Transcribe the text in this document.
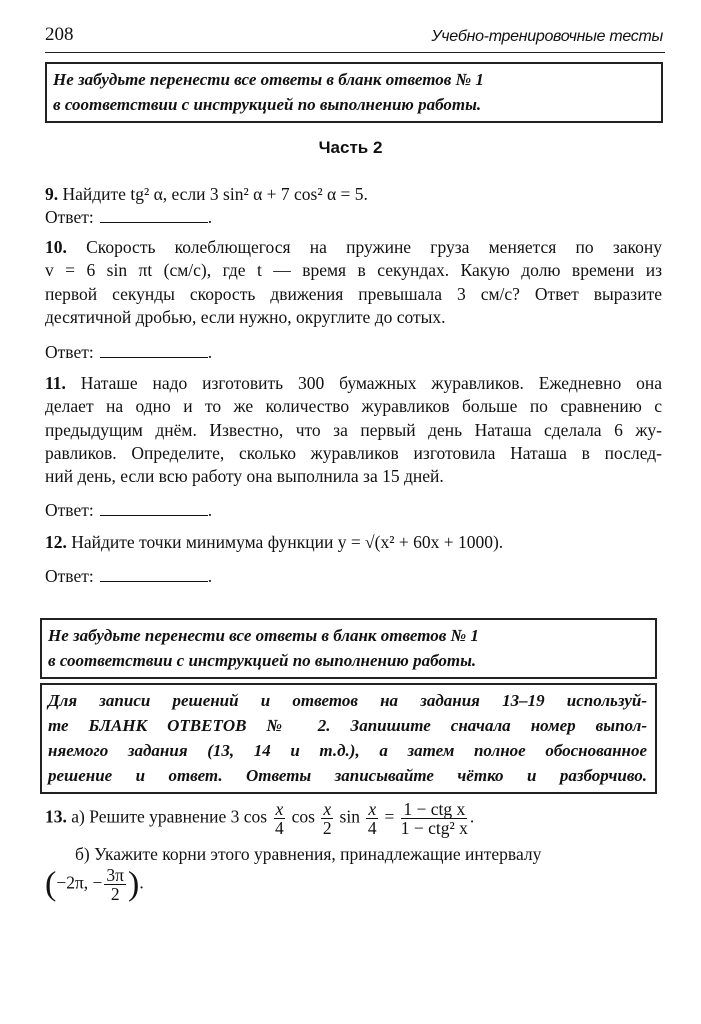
208	Учебно-тренировочные тесты
Не забудьте перенести все ответы в бланк ответов № 1
в соответствии с инструкцией по выполнению работы.
Часть 2
9. Найдите tg² α, если 3 sin² α + 7 cos² α = 5.
Ответ:	.
10. Скорость колеблющегося на пружине груза меняется по закону
v = 6 sin πt (см/с), где t — время в секундах. Какую долю времени из
первой секунды скорость движения превышала 3 см/с? Ответ выразите
десятичной дробью, если нужно, округлите до сотых.
Ответ:	.
11. Наташе надо изготовить 300 бумажных журавликов. Ежедневно она
делает на одно и то же количество журавликов больше по сравнению с
предыдущим днём. Известно, что за первый день Наташа сделала 6 жу-
равликов. Определите, сколько журавликов изготовила Наташа в послед-
ний день, если всю работу она выполнила за 15 дней.
Ответ:	.
12. Найдите точки минимума функции y = √(x² + 60x + 1000).
Ответ:	.
Не забудьте перенести все ответы в бланк ответов № 1
в соответствии с инструкцией по выполнению работы.
Для записи решений и ответов на задания 13–19 используй-
те БЛАНК ОТВЕТОВ № 2. Запишите сначала номер выпол-
няемого задания (13, 14 и т.д.), а затем полное обоснованное
решение и ответ. Ответы записывайте чётко и разборчиво.
13. а) Решите уравнение 3 $\cos \frac{x}{4}$ $\cos \frac{x}{2}$ $\sin \frac{x}{4} = \frac{\text{1 − ctg x}}{\text{1 − ctg² x}}$ .
б) Укажите корни этого уравнения, принадлежащие интервалу
(−2π, − $\frac{3\pi}{2}$ ).
